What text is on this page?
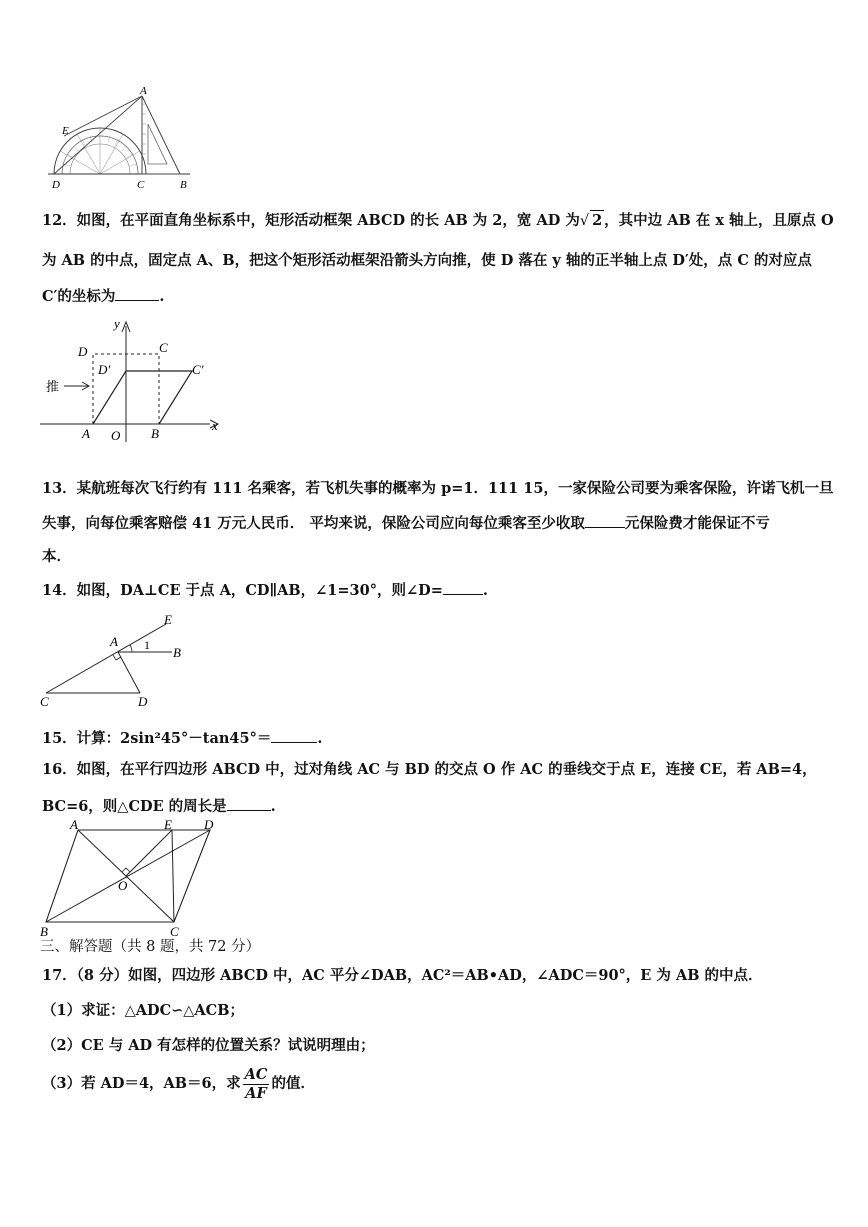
A
E
D	C	B
12．如图，在平面直角坐标系中，矩形活动框架 ABCD 的长 AB 为 2，宽 AD 为√ 2 ，其中边 AB 在 x 轴上，且原点 O
为 AB 的中点，固定点 A、B，把这个矩形活动框架沿箭头方向推，使 D 落在 y 轴的正半轴上点 D′处，点 C 的对应点
C′的坐标为	.
y
x
D	C
D′	C′
推
A O B
13．某航班每次飞行约有 111 名乘客，若飞机失事的概率为 p=1．111 15，一家保险公司要为乘客保险，许诺飞机一旦
失事，向每位乘客赔偿 41 万元人民币． 平均来说，保险公司应向每位乘客至少收取	元保险费才能保证不亏
本．
14．如图，DA⊥CE 于点 A，CD∥AB，∠1=30°，则∠D=	.
E
A 1 B
C	D
15．计算：2sin²45°－tan45°＝	.
16．如图，在平行四边形 ABCD 中，过对角线 AC 与 BD 的交点 O 作 AC 的垂线交于点 E，连接 CE，若 AB=4，
BC=6，则△CDE 的周长是	.
A	E D
O
B	C
三、解答题（共 8 题，共 72 分）
17．（8 分）如图，四边形 ABCD 中，AC 平分∠DAB，AC²＝AB•AD，∠ADC＝90°，E 为 AB 的中点．
（1）求证：△ADC∽△ACB；
（2）CE 与 AD 有怎样的位置关系？试说明理由；
（3）若 AD＝4，AB＝6，求 $\frac{AC}{AF}$ 的值．
